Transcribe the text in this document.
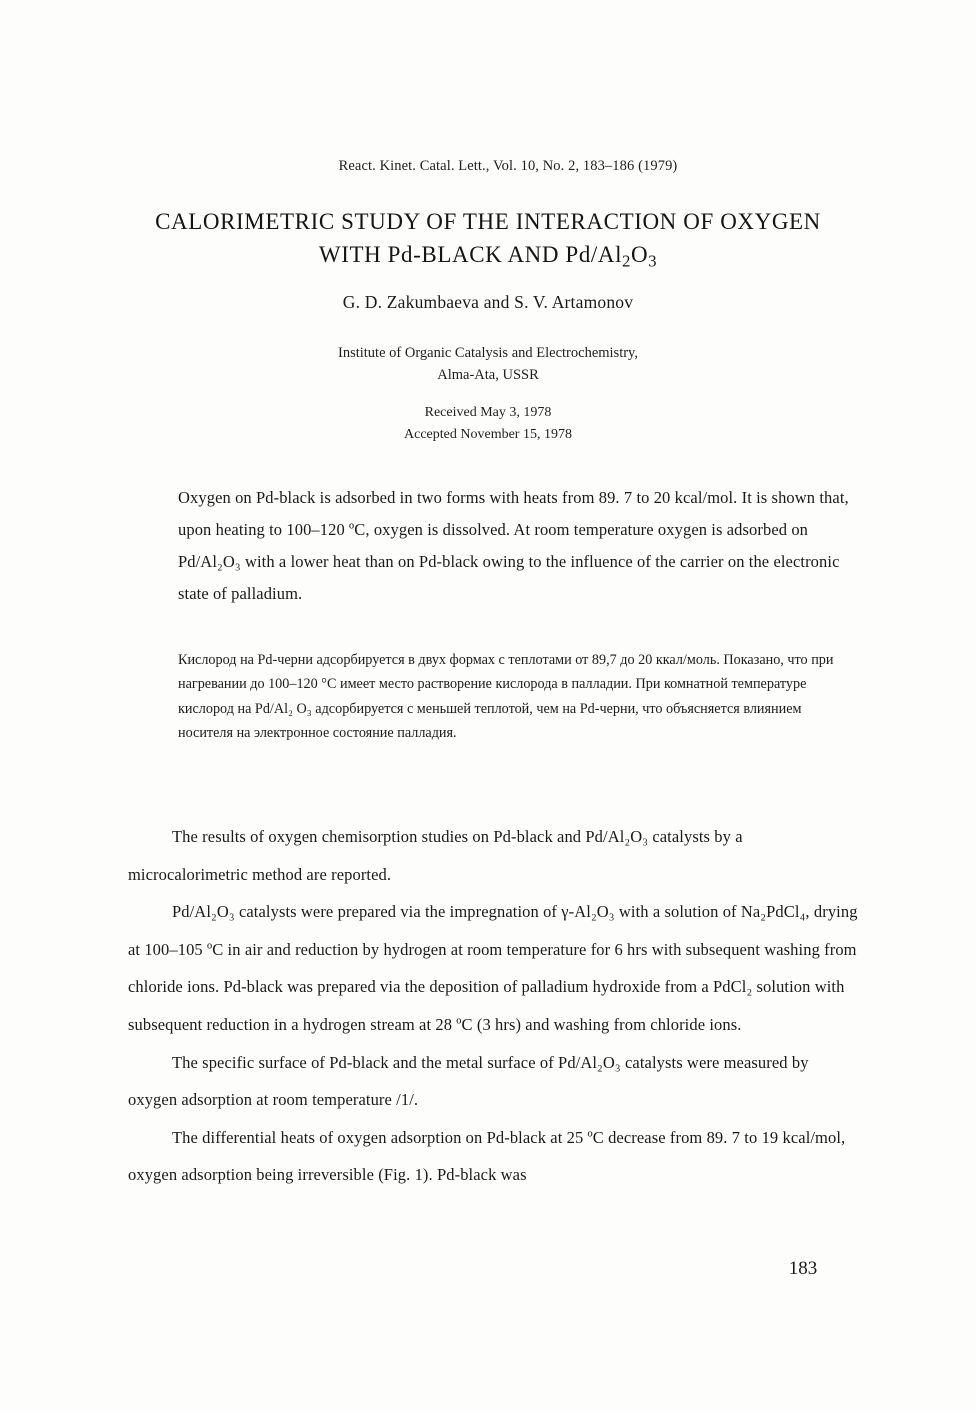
React. Kinet. Catal. Lett., Vol. 10, No. 2, 183–186 (1979)
CALORIMETRIC STUDY OF THE INTERACTION OF OXYGEN
WITH Pd-BLACK AND $Pd/Al_2O_3$
G. D. Zakumbaeva and S. V. Artamonov
Institute of Organic Catalysis and Electrochemistry,
Alma-Ata, USSR
Received May 3, 1978
Accepted November 15, 1978
Oxygen on Pd-black is adsorbed in two forms with heats from 89. 7 to 20 kcal/mol. It is shown that, upon heating to 100–120 ºC, oxygen is dissolved. At room temperature oxygen is adsorbed on Pd/Al₂O₃ with a lower heat than on Pd-black owing to the influence of the carrier on the electronic state of palladium.
Кислород на Pd-черни адсорбируется в двух формах с теплотами от 89,7 до 20 ккал/моль. Показано, что при нагревании до 100–120 °C имеет место растворение кислорода в палладии. При комнатной температуре кислород на Pd/Al₂ O₃ адсорбируется с меньшей теплотой, чем на Pd-черни, что объясняется влиянием носителя на электронное состояние палладия.

The results of oxygen chemisorption studies on Pd-black and Pd/Al₂O₃ catalysts by a microcalorimetric method are reported.

Pd/Al₂O₃ catalysts were prepared via the impregnation of γ-Al₂O₃ with a solution of Na₂PdCl₄, drying at 100–105 ºC in air and reduction by hydrogen at room temperature for 6 hrs with subsequent washing from chloride ions. Pd-black was prepared via the deposition of palladium hydroxide from a PdCl₂ solution with subsequent reduction in a hydrogen stream at 28 ºC (3 hrs) and washing from chloride ions.

The specific surface of Pd-black and the metal surface of Pd/Al₂O₃ catalysts were measured by oxygen adsorption at room temperature /1/.

The differential heats of oxygen adsorption on Pd-black at 25 ºC decrease from 89. 7 to 19 kcal/mol, oxygen adsorption being irreversible (Fig. 1). Pd-black was

183
